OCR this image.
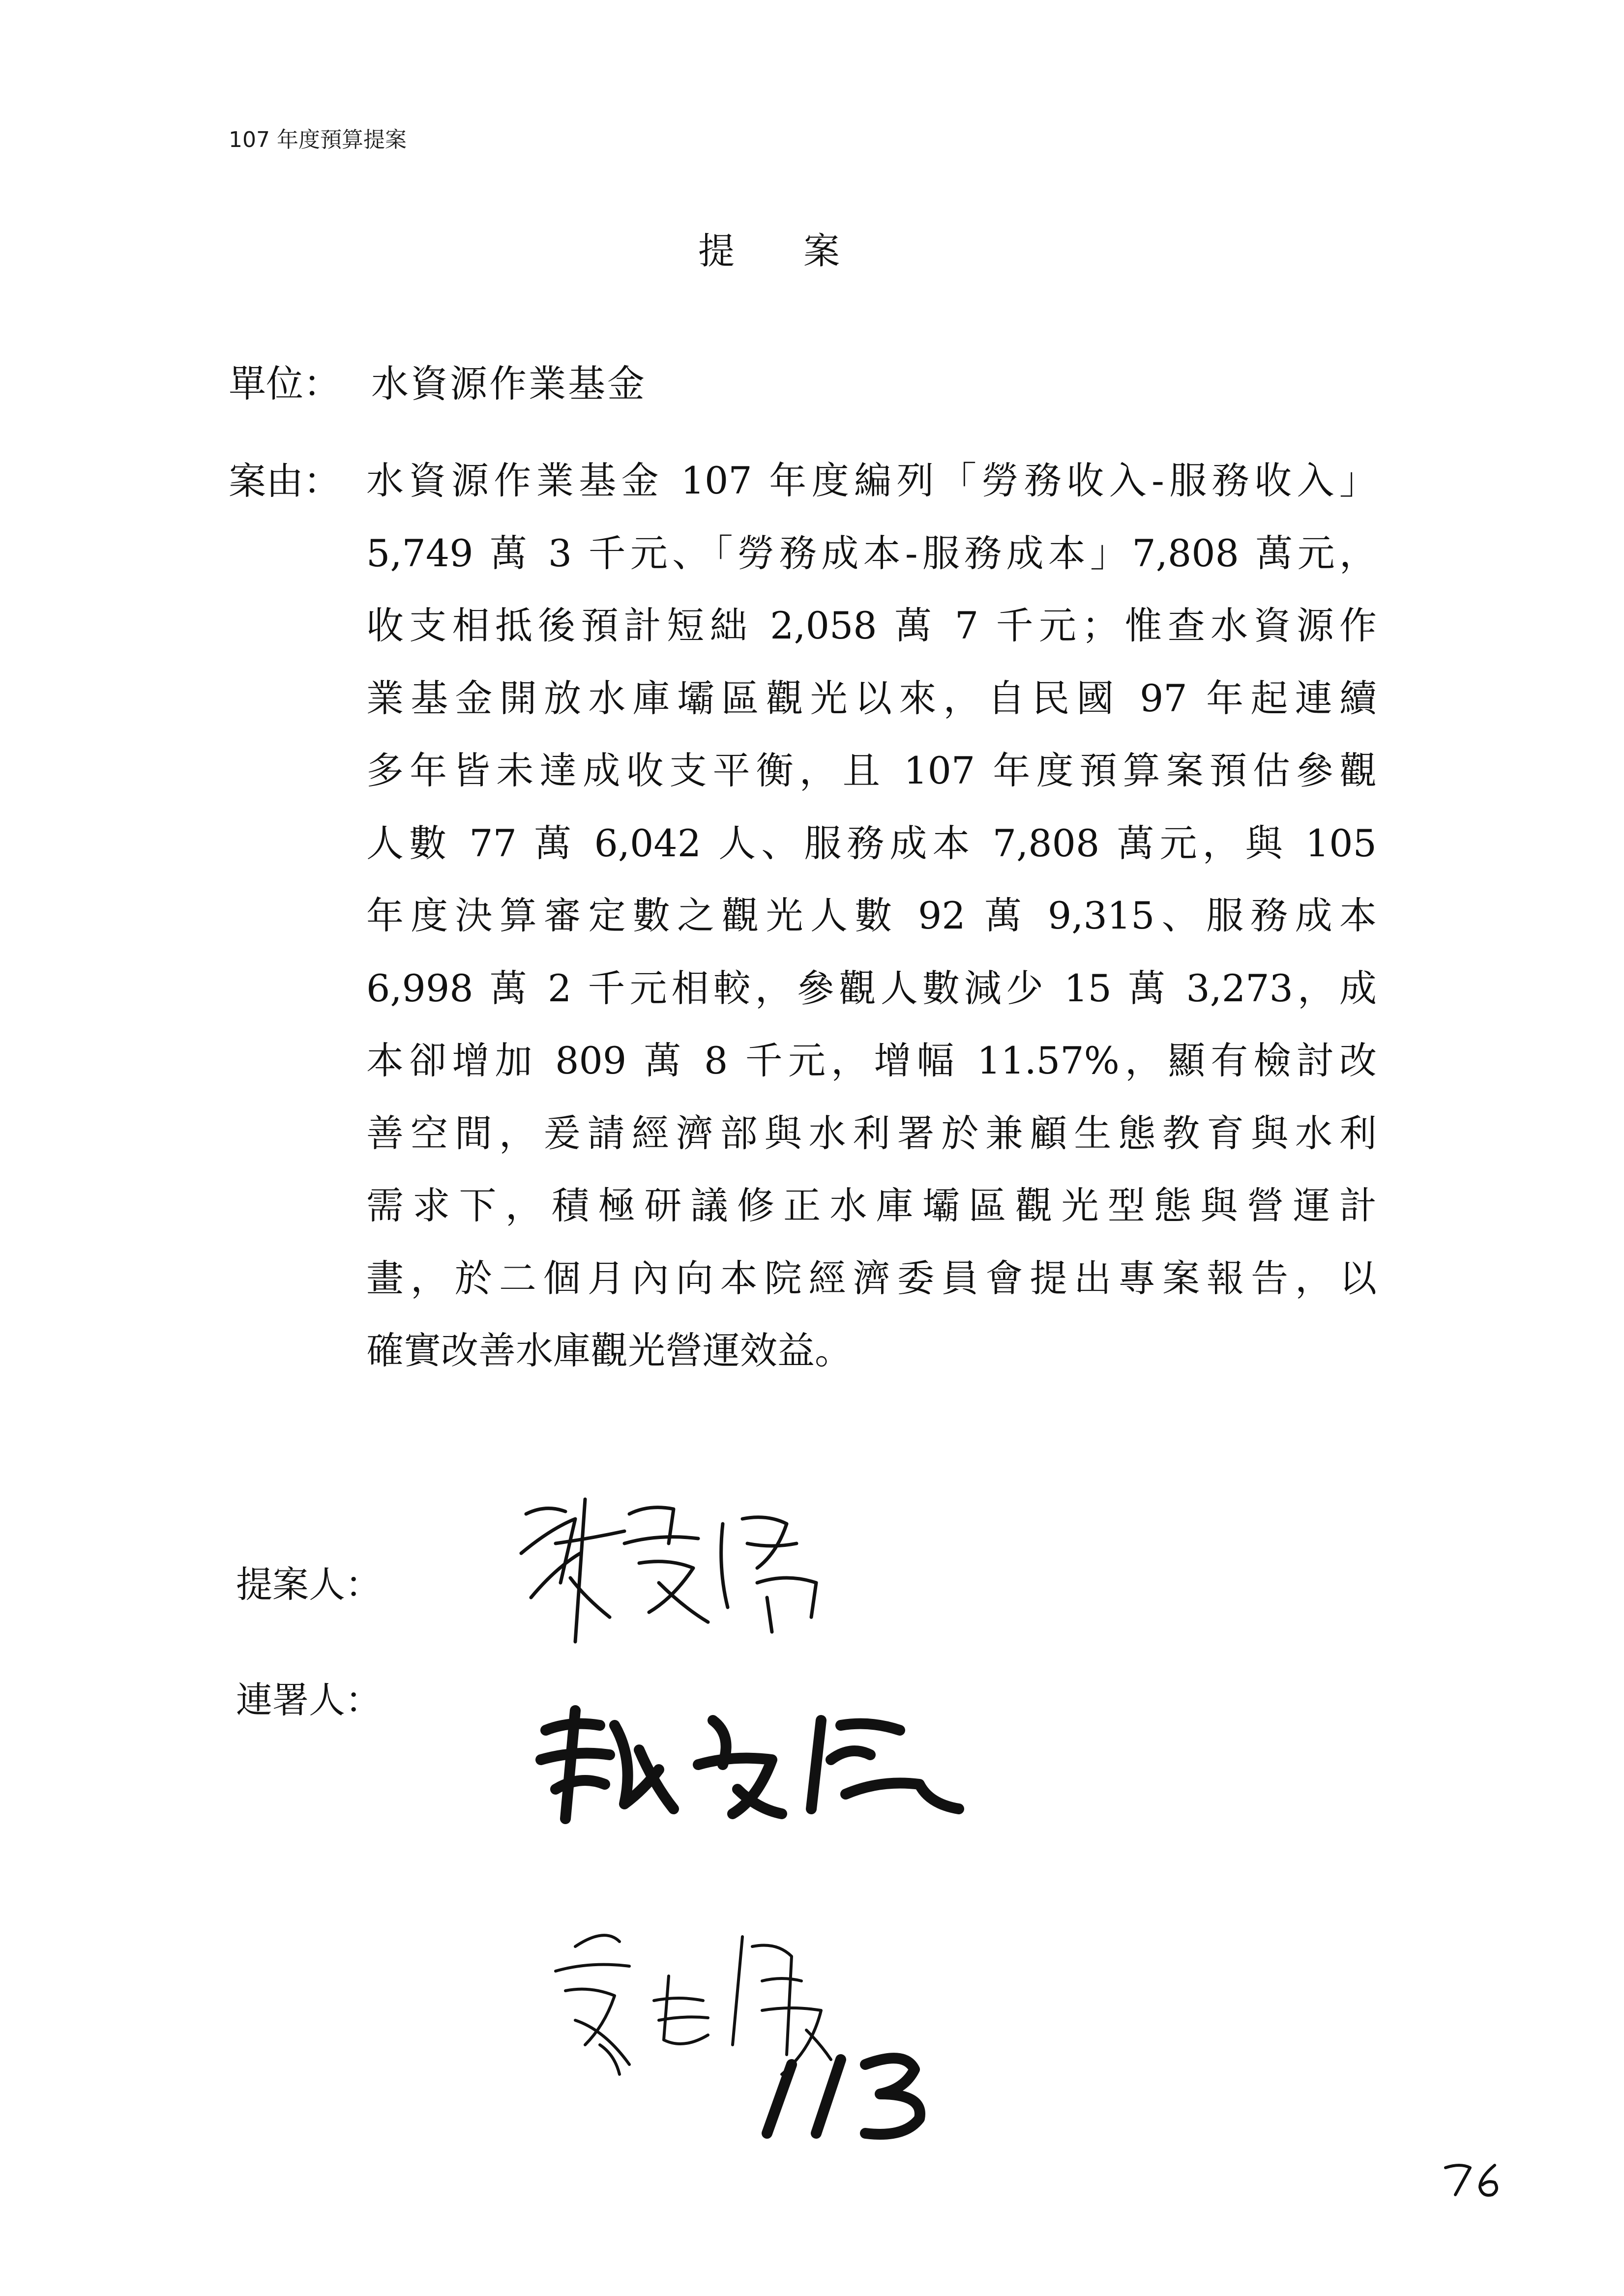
107 年度預算提案
提案
單位： 水資源作業基金
案由： 水資源作業基金 107 年度編列「勞務收入-服務收入」
5,749 萬 3 千元、「勞務成本-服務成本」7,808 萬元，
收支相抵後預計短絀 2,058 萬 7 千元；惟查水資源作
業基金開放水庫壩區觀光以來，自民國 97 年起連續
多年皆未達成收支平衡，且 107 年度預算案預估參觀
人數 77 萬 6,042 人、服務成本 7,808 萬元，與 105
年度決算審定數之觀光人數 92 萬 9,315、服務成本
6,998 萬 2 千元相較，參觀人數減少 15 萬 3,273，成
本卻增加 809 萬 8 千元，增幅 11.57%，顯有檢討改
善空間，爰請經濟部與水利署於兼顧生態教育與水利
需求下，積極研議修正水庫壩區觀光型態與營運計
畫，於二個月內向本院經濟委員會提出專案報告，以
確實改善水庫觀光營運效益。
提案人：
連署人：
